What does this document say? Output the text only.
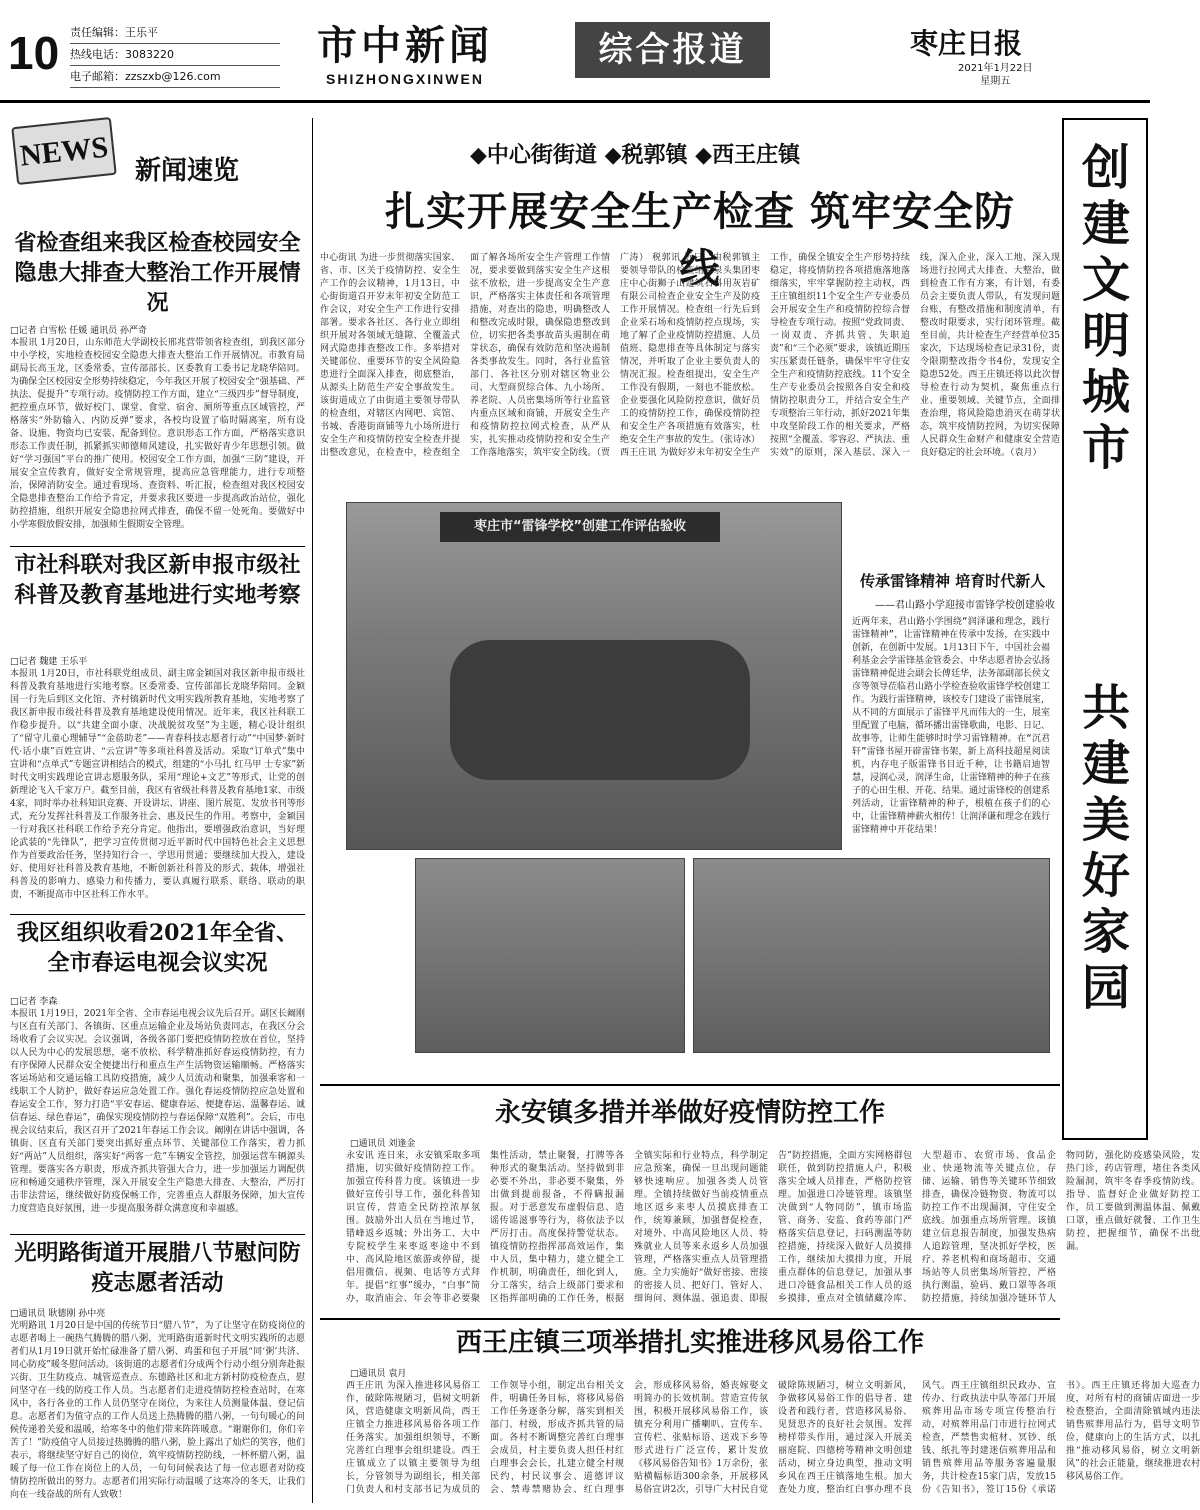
10 责任编辑：王乐平
热线电话：3083220
电子邮箱：zzszxb@126.com
市中新闻
SHIZHONGXINWEN
综合报道	枣庄日报
2021年1月22日
星期五
NEWS 新闻速览
省检查组来我区检查校园安全隐患大排查大整治工作开展情况
□记者 白雪松 任媛 通讯员 孙严奇
本报讯 1月20日，山东师范大学副校长邢兆营带领省检查组，到我区部分中小学校，实地检查校园安全隐患大排查大整治工作开展情况。市教育局副局长高玉龙，区委常委、宣传部部长、区委教育工委书记龙晓华陪同。为确保全区校园安全形势持续稳定，今年我区开展了校园安全“强基础、严执法、促提升”专项行动。疫情防控工作方面，建立“三级四步”督导制度，把控重点环节，做好校门、课堂、食堂、宿舍、厕所等重点区域管控，严格落实“外防输入、内防反弹”要求，各校均设置了临时隔离室，所有设备、设施、物资均已安装、配备到位。意识形态工作方面，严格落实意识形态工作责任制，抓紧抓实师德师风建设，扎实做好青少年思想引领。做好“学习强国”平台的推广使用。校园安全工作方面，加强“三防”建设，开展安全宣传教育，做好安全常规管理，提高应急管理能力，进行专项整治，保障消防安全。通过看现场、查资料、听汇报，检查组对我区校园安全隐患排查整治工作给予肯定，并要求我区要进一步提高政治站位，强化防控措施，组织开展安全隐患拉网式排查，确保不留一处死角。要做好中小学寒假放假安排，加强师生假期安全管理。
市社科联对我区新申报市级社科普及教育基地进行实地考察
□记者 魏建 王乐平
本报讯 1月20日，市社科联党组成员、副主席金颖国对我区新申报市级社科普及教育基地进行实地考察。区委常委、宣传部部长龙晓华陪同。金颖国一行先后到区文化馆、齐村镇新时代文明实践所教育基地，实地考察了我区新申报市级社科普及教育基地建设使用情况。近年来，我区社科联工作稳步提升。以“共建全面小康、决战脱贫攻坚”为主题，精心设计组织了“留守儿童心理辅导”“金蓓助老”——青春科技志愿者行动”“中国梦·新时代·话小康”百姓宣讲、“云宣讲”等多项社科普及活动。采取“订单式”集中宣讲和“点单式”专题宣讲相结合的模式，组建的“小马扎 红马甲 士专家”新时代文明实践理论宣讲志愿服务队，采用“理论+文艺”等形式，让党的创新理论飞入千家万户。截至目前，我区有省级社科普及教育基地1家、市级4家，同时举办社科知识竞赛、开设讲坛、讲座、图片展览、发放书刊等形式，充分发挥社科普及工作服务社会、惠及民生的作用。考察中，金颖国一行对我区社科联工作给予充分肯定。他指出，要增强政治意识，当好理论武装的“先锋队”，把学习宣传贯彻习近平新时代中国特色社会主义思想作为首要政治任务，坚持知行合一、学思用贯通；要继续加大投入，建设好、使用好社科普及教育基地，不断创新社科普及的形式、载体，增强社科普及的影响力、感染力和传播力，要认真履行联系、联络、联动的职责，不断提高市中区社科工作水平。
我区组织收看2021年全省、全市春运电视会议实况
□记者 李森
本报讯 1月19日，2021年全省、全市春运电视会议先后召开。副区长阚刚与区直有关部门、各镇街、区重点运输企业及场站负责同志，在我区分会场收看了会议实况。会议强调，各级各部门要把疫情防控放在首位，坚持以人民为中心的发展思想，毫不放松、科学精准抓好春运疫情防控，有力有序保障人民群众安全便捷出行和重点生产生活物资运输顺畅。严格落实客运场站和交通运输工具防疫措施，减少人员流动和聚集，加强乘客和一线职工个人防护，做好春运应急处置工作。强化春运疫情防控应急处置和春运安全工作，努力打造“平安春运、健康春运、便捷春运、温馨春运、诚信春运、绿色春运”，确保实现疫情防控与春运保障“双胜利”。会后，市电视会议结束后，我区召开了2021年春运工作会议。阚刚在讲话中强调，各镇街、区直有关部门要突出抓好重点环节、关键部位工作落实，着力抓好“两站”人员组织，落实好“两客一危”车辆安全管控，加强运营车辆源头管理。要落实各方职责，形成齐抓共管强大合力，进一步加强运力调配供应和畅通交通秩序管理，深入开展安全生产隐患大排查、大整治，严厉打击非法营运，继续做好防疫保畅工作，完善重点人群服务保障，加大宣传力度营造良好氛围，进一步提高服务群众满意度和幸福感。
光明路街道开展腊八节慰问防疫志愿者活动
□通讯员 耿德刚 孙中亮
光明路讯 1月20日是中国的传统节日“腊八节”，为了让坚守在防疫岗位的志愿者喝上一碗热气腾腾的腊八粥，光明路街道新时代文明实践所的志愿者们从1月19日就开始忙碌准备了腊八粥、鸡蛋和包子开展“同‘粥’共济、同心防疫”暖冬慰问活动。该街道的志愿者们分成两个行动小组分别奔赴振兴街、卫生防疫点、城管巡查点、东德路社区和北方新村防疫检查点，慰问坚守在一线的防疫工作人员。当志愿者们走进疫情防控检查站时，在寒风中，各行各业的工作人员仍坚守在岗位，为来往人员测量体温、登记信息。志愿者们为值守点的工作人员送上热腾腾的腊八粥，一句句暖心的问候传递着关爱和温暖，给寒冬中的他们带来阵阵暖意。“谢谢你们，你们辛苦了！”防疫值守人员接过热腾腾的腊八粥，脸上露出了灿烂的笑容，他们表示，将继续坚守好自己的岗位，筑牢疫情防控防线，一杯杯腊八粥，温暖了每一位工作在岗位上的人员，一句句问候表达了每一位志愿者对防疫情防控所做出的努力。志愿者们用实际行动温暖了这寒冷的冬天，让我们向在一线奋战的所有人致敬！
◆中心街街道 ◆税郭镇 ◆西王庄镇
扎实开展安全生产检查 筑牢安全防线
中心街讯 为进一步贯彻落实国家、省、市、区关于疫情防控、安全生产工作的会议精神，1月13日，中心街街道召开岁末年初安全防范工作会议，对安全生产工作进行安排部署。要求各社区、各行业立即组织开展对各领域无缝隙、全覆盖式网式隐患排查整改工作。多举措对关键部位、重要环节的安全风险隐患进行全面深入排查，彻底整治，从源头上防范生产安全事故发生。该街道成立了由街道主要领导带队的检查组，对辖区内网吧、宾馆、书城、香港街商铺等九小场所进行安全生产和疫情防控安全检查并提出整改意见，在检查中，检查组全面了解各场所安全生产管理工作情况，要求要做到落实安全生产这根弦不放松，进一步提高安全生产意识，严格落实主体责任和各项管理措施，对查出的隐患，明确整改人和整改完成时限，确保隐患整改到位，切实把各类事故苗头遏制在萌芽状态，确保有效防范和坚决遏制各类事故发生。同时，各行业监管部门、各社区分别对辖区物业公司、大型商贸综合体、九小场所、养老院、人员密集场所等行业监管内重点区域和商铺，开展安全生产和疫情防控拉网式检查，从严从实，扎实推动疫情防控和安全生产工作落地落实，筑牢安全防线。（贾广涛） 税郭讯 近日，由税郭镇主要领导带队的检查组到泉头集团枣庄中心街狮子山建筑石料用灰岩矿有限公司检查企业安全生产及防疫工作开展情况。检查组一行先后到企业采石场和疫情防控点现场，实地了解了企业疫情防控措施、人员值班、隐患排查等具体制定与落实情况，并听取了企业主要负责人的情况汇报。检查组提出，安全生产工作没有假期，一刻也不能放松。企业要强化风险防控意识，做好员工的疫情防控工作，确保疫情防控和安全生产各项措施有效落实，杜绝安全生产事故的发生。（张诗冰） 西王庄讯 为做好岁末年初安全生产工作，确保全镇安全生产形势持续稳定，将疫情防控各项措施落地落细落实，牢牢掌握防控主动权，西王庄镇组织11个安全生产专业委员会开展安全生产和疫情防控综合督导检查专项行动。按照“党政同责、一岗双责、齐抓共管、失职追责”和“三个必须”要求，该镇近期压实压紧责任链条，确保牢牢守住安全生产和疫情防控底线。11个安全生产专业委员会按照各自安全和疫情防控职责分工，并结合安全生产专项整治三年行动，抓好2021年集中攻坚阶段工作的相关要求，严格按照“全覆盖、零容忍、严执法、重实效”的原则，深入基层、深入一线，深入企业，深入工地、深入现场进行拉网式大排查、大整治，做到检查工作有方案，有计划，有委员会主要负责人带队，有发现问题台账，有整改措施和制度清单，有整改时限要求，实行闭环管理。截至目前，共计检查生产经营单位35家次，下达现场检查记录31份，责令限期整改指令书4份，发现安全隐患52处。西王庄镇还将以此次督导检查行动为契机，聚焦重点行业、重要领域、关键节点，全面排查治理，将风险隐患消灭在萌芽状态，筑牢疫情防控网，为切实保障人民群众生命财产和健康安全营造良好稳定的社会环境。（袁月）
枣庄市“雷锋学校”创建工作评估验收
传承雷锋精神 培育时代新人
——君山路小学迎接市雷锋学校创建验收
近两年来，君山路小学围绕“润泽谦和理念，践行雷锋精神”，让雷锋精神在传承中发扬，在实践中创新，在创新中发展。1月13日下午，中国社会福利基金会学雷锋基金管委会、中华志愿者协会弘扬雷锋精神促进会副会长傅廷华，法务部副部长侯文彦等领导莅临君山路小学检查验收雷锋学校创建工作。为践行雷锋精神，该校专门建设了雷锋展室，从不同的方面展示了雷锋平凡而伟大的一生，展室里配置了电脑，循环播出雷锋歌曲，电影、日记、故事等，让师生能够时时学习雷锋精神。在“沉君轩”雷锋书屋开辟雷锋书架，新上高科技超星阅读机，内存电子版雷锋书目近千种，让书籍启迪智慧，浸润心灵，润泽生命，让雷锋精神的种子在孩子的心田生根、开花、结果。通过雷锋校的创建系列活动，让雷锋精神的种子，根植在孩子们的心中，让雷锋精神薪火相传！让润泽谦和理念在践行雷锋精神中开花结果！
创建文明城市
共建美好家园
永安镇多措并举做好疫情防控工作
□通讯员 刘逢金
永安讯 连日来，永安镇采取多项措施，切实做好疫情防控工作。加强宣传科普力度。该镇进一步做好宣传引导工作，强化科普知识宣传，营造全民防控浓厚氛围。鼓励外出人员在当地过节，错峰返乡返城；外出务工、大中专院校学生来枣返枣途中不到中、高风险地区旅游或停留，提倡用微信、视频、电话等方式拜年。提倡“红事”缓办，“白事”简办，取消庙会、年会等非必要聚集性活动，禁止聚餐，打牌等各种形式的聚集活动。坚持做到非必要不外出，非必要不聚集，外出做到提前报备，不得瞒报漏报。对于恶意发布虚假信息、造谣传谣滋事等行为，将依法予以严厉打击。高度保持警觉状态。镇疫情防控指挥部高效运作，集中人员，集中精力，建立健全工作机制，明确责任，细化到人，分工落实，结合上级部门要求和区指挥部明确的工作任务，根据全镇实际和行业特点，科学制定应急预案，确保一旦出现问题能够快速响应。加强各类人员管理。全镇持续做好当前疫情重点地区返乡来枣人员摸底排查工作，统筹兼顾，加强督促检查，对境外、中高风险地区人员、特殊就业人员等来永返乡人员加强管理，严格落实重点人员管理措施。全力实施好“做好密接、密接的密接人员、把好门、管好人、细询问、测体温、强追责、即报告”防控措施，全面方实网格群包联任，做到防控措施人户，积极落实全域人员排查，严格防控管理。加强进口冷链管理。该镇坚决做到“人物同防”，镇市场监管、商务、安监、食药等部门严格落实信息登记，扫码测温等防控措施，持续深入做好人员摸排工作，继续加大摸排力度，开展重点群体的信息登记，加强从事进口冷链食品相关工作人员的返乡摸排，重点对全镇储藏冷库、大型超市、农贸市场、食品企业、快递物流等关键点位，存储、运输、销售等关键环节细致排查，确保冷链物资、物流可以防控工作不出现漏洞，守住安全底线。加强重点场所管理。该镇建立信息报告制度，加强发热病人追踪管理，坚决抓好学校，医疗、养老机构和商场超市、交通场站等人员密集场所管控，严格执行测温，验码、戴口罩等各项防控措施，持续加强冷链环节人物同防，强化防疫感染风险，发热门诊，药店管理，堵住各类风险漏洞，筑牢冬春季疫情防线。指导、监督好企业做好防控工作，员工要做到测温体温、佩戴口罩，重点做好就餐、工作卫生防控，把握细节，确保不出纰漏。
西王庄镇三项举措扎实推进移风易俗工作
□通讯员 袁月
西王庄讯 为深入推进移风易俗工作，破除陈规陋习，倡树文明新风，营造健康文明新风尚，西王庄镇全力推进移风易俗各项工作任务落实。加强组织领导，不断完善红白理事会组织建设。西王庄镇成立了以镇主要领导为组长，分管领导为副组长，相关部门负责人和村支部书记为成员的工作领导小组，制定出台相关文件，明确任务目标，将移风易俗工作任务逐条分解，落实到相关部门、村级，形成齐抓共管的局面。各村不断调整完善红白理事会成员，村主要负责人担任村红白理事会会长，扎建立健全村规民约，村民议事会、道德评议会、禁毒禁赌协会、红白理事会，形成移风易俗，婚丧嫁娶文明简办的长效机制。营造宣传氛围，积极开展移风易俗工作，该镇充分利用广播喇叭、宣传车、宣传栏、张贴标语、送戏下乡等形式进行广泛宣传，累计发放《移风易俗告知书》1万余份，张贴横幅标语300余条，开展移风易俗宣讲2次，引导广大村民自觉破除陈规陋习，树立文明新风，争做移风易俗工作的倡导者、建设者和践行者，营造移风易俗、见贤思齐的良好社会氛围。发挥榜样带头作用，通过深入开展美丽庭院、四德榜等精神文明创建活动，树立身边典型，推动文明乡风在西王庄镇落地生根。加大查处力度，整治红白事办理不良风气。西王庄镇组织民政办、宣传办、行政执法中队等部门开展殡葬用品市场专项宣传整治行动，对殡葬用品门市进行拉网式检查，严禁售卖棺材、冥钞、纸钱、纸扎等封建迷信殡葬用品和销售殡葬用品等服务客遍量服务，共计检查15家门店，发放15份《告知书》，签订15份《承诺书》。西王庄镇还将加大巡查力度，对所有村的商铺店面进一步检查整治，全面清除镇域内违法销售殡葬用品行为，倡导文明节俭，健康向上的生活方式，以扎推“推动移风易俗，树立文明新风”的社会正能量，继续推进农村移风易俗工作。
